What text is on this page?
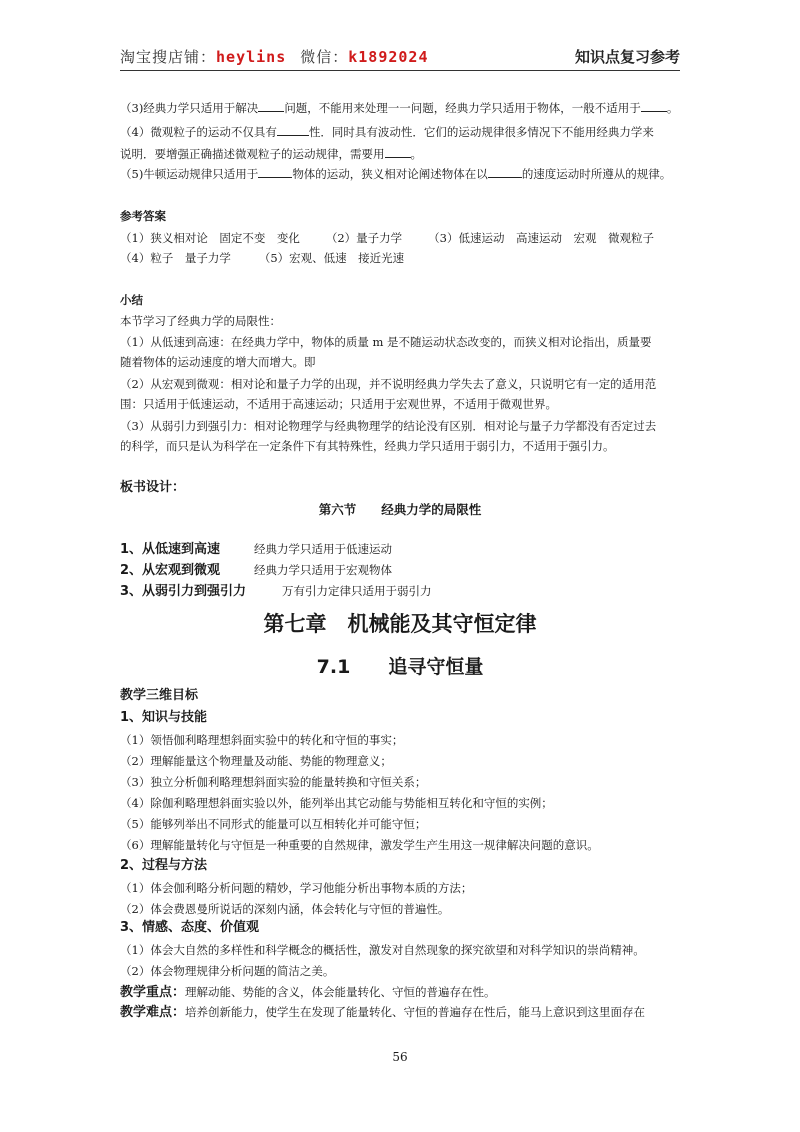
淘宝搜店铺：heylins 微信：k1892024	知识点复习参考
（3)经典力学只适用于解决 问题，不能用来处理一一问题，经典力学只适用于物体，一般不适用于 。
（4）微观粒子的运动不仅具有	性．同时具有波动性．它们的运动规律很多情况下不能用经典力学来
说明．要增强正确描述微观粒子的运动规律，需要用 。
（5)牛顿运动规律只适用于	物体的运动，狭义相对论阐述物体在以	的速度运动时所遵从的规律。
参考答案
（1）狭义相对论　固定不变　变化 （2）量子力学 （3）低速运动　高速运动　宏观　微观粒子
（4）粒子　量子力学 （5）宏观、低速　接近光速
小结
本节学习了经典力学的局限性：
（1）从低速到高速：在经典力学中，物体的质量 m 是不随运动状态改变的，而狭义相对论指出，质量要
随着物体的运动速度的增大而增大。即
（2）从宏观到微观：相对论和量子力学的出现，并不说明经典力学失去了意义，只说明它有一定的适用范
围：只适用于低速运动，不适用于高速运动；只适用于宏观世界，不适用于微观世界。
（3）从弱引力到强引力：相对论物理学与经典物理学的结论没有区别．相对论与量子力学都没有否定过去
的科学，而只是认为科学在一定条件下有其特殊性，经典力学只适用于弱引力，不适用于强引力。
板书设计：
第六节　　经典力学的局限性
1、从低速到高速	经典力学只适用于低速运动
2、从宏观到微观	经典力学只适用于宏观物体
3、从弱引力到强引力	万有引力定律只适用于弱引力
第七章　机械能及其守恒定律
7.1　　追寻守恒量
教学三维目标
1、知识与技能
（1）领悟伽利略理想斜面实验中的转化和守恒的事实；
（2）理解能量这个物理量及动能、势能的物理意义；
（3）独立分析伽利略理想斜面实验的能量转换和守恒关系；
（4）除伽利略理想斜面实验以外，能列举出其它动能与势能相互转化和守恒的实例；
（5）能够列举出不同形式的能量可以互相转化并可能守恒；
（6）理解能量转化与守恒是一种重要的自然规律，激发学生产生用这一规律解决问题的意识。
2、过程与方法
（1）体会伽利略分析问题的精妙，学习他能分析出事物本质的方法；
（2）体会费恩曼所说话的深刻内涵，体会转化与守恒的普遍性。
3、情感、态度、价值观
（1）体会大自然的多样性和科学概念的概括性，激发对自然现象的探究欲望和对科学知识的崇尚精神。
（2）体会物理规律分析问题的简洁之美。
教学重点：理解动能、势能的含义，体会能量转化、守恒的普遍存在性。
教学难点：培养创新能力，使学生在发现了能量转化、守恒的普遍存在性后，能马上意识到这里面存在
56
